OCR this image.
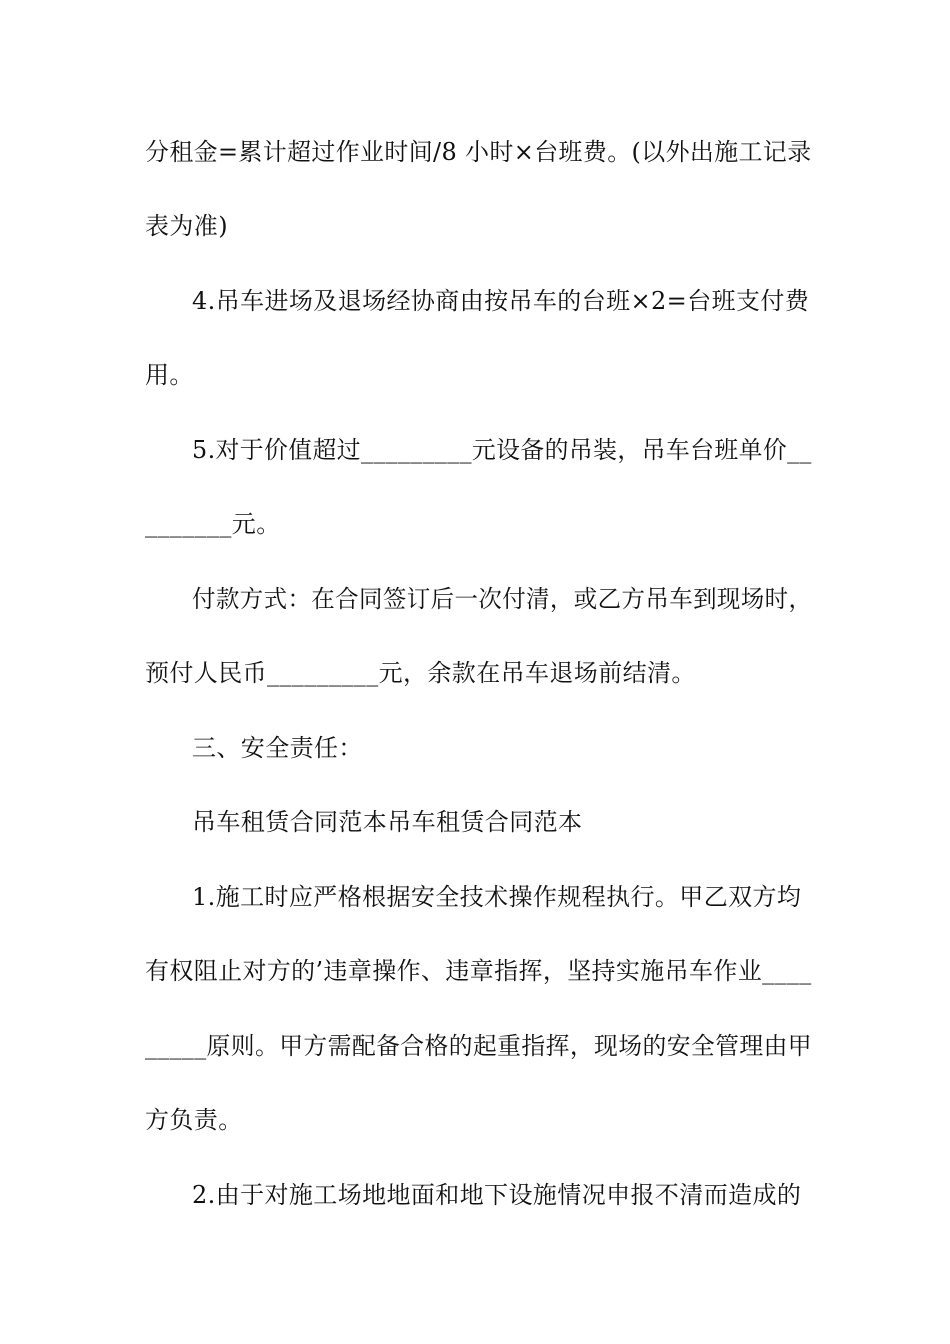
分租金=累计超过作业时间/8 小时×台班费。(以外出施工记录
表为准)
4.吊车进场及退场经协商由按吊车的台班×2=台班支付费
用。
5.对于价值超过_________元设备的吊装，吊车台班单价__
_______元。
付款方式：在合同签订后一次付清，或乙方吊车到现场时，
预付人民币_________元，余款在吊车退场前结清。
三、安全责任：
吊车租赁合同范本吊车租赁合同范本
1.施工时应严格根据安全技术操作规程执行。甲乙双方均
有权阻止对方的’违章操作、违章指挥，坚持实施吊车作业____
_____原则。甲方需配备合格的起重指挥，现场的安全管理由甲
方负责。
2.由于对施工场地地面和地下设施情况申报不清而造成的
